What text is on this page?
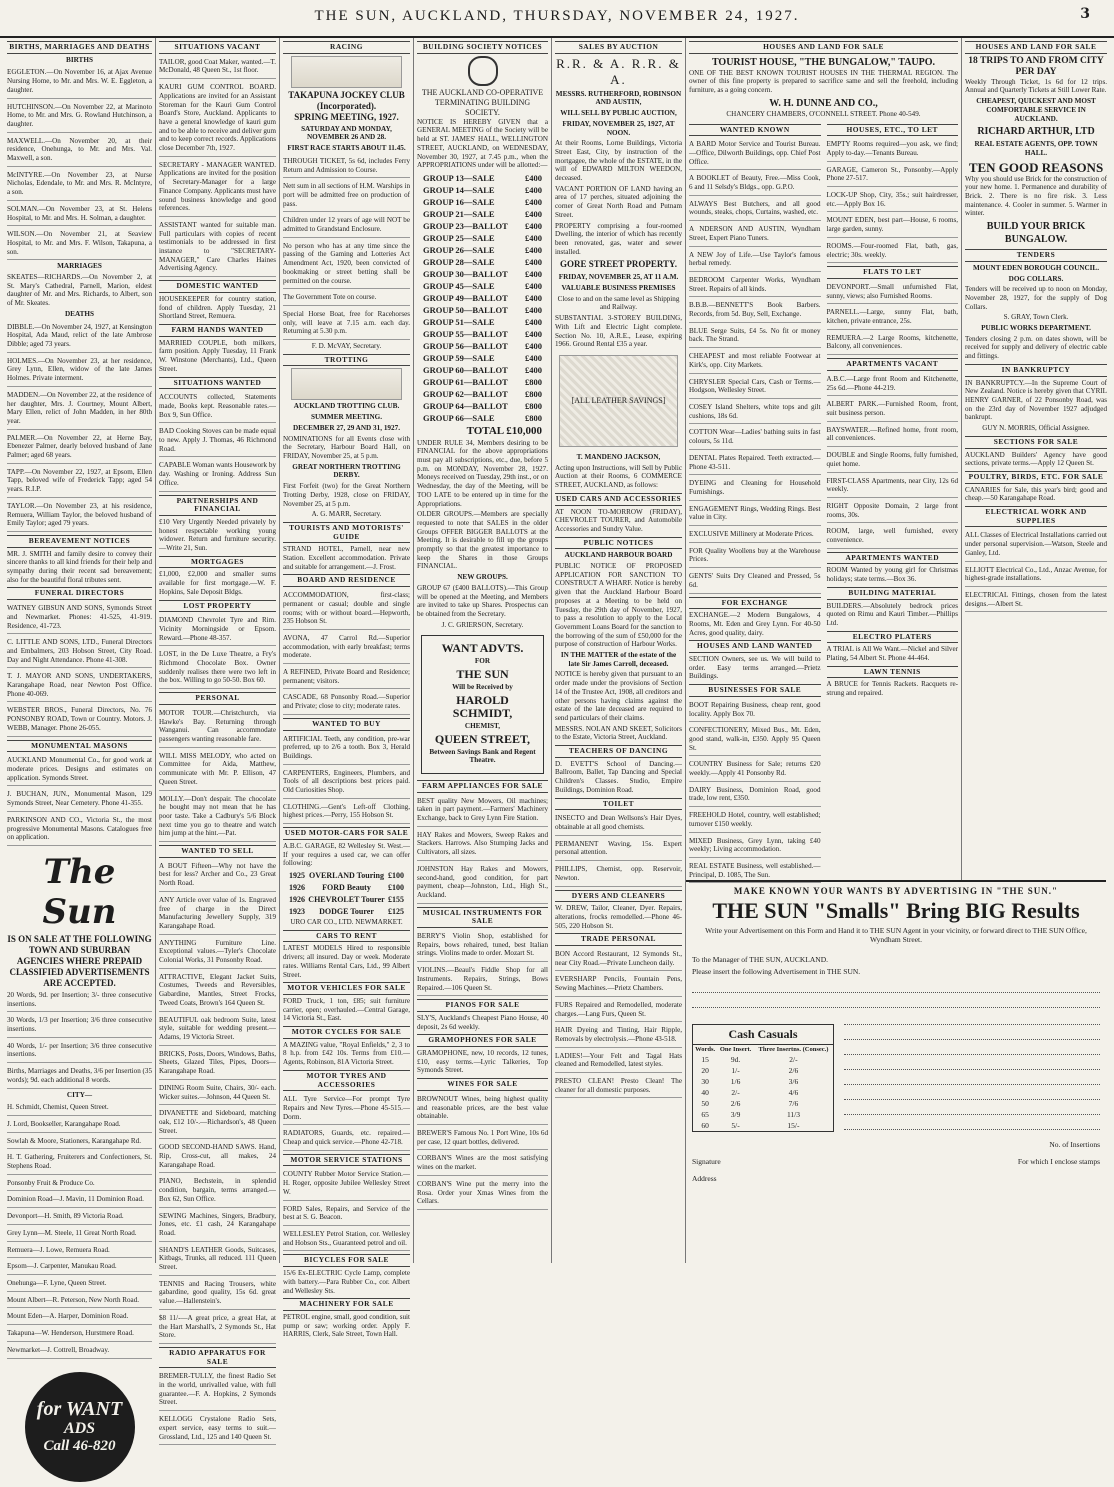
THE SUN, AUCKLAND, THURSDAY, NOVEMBER 24, 1927.	3
BIRTHS, MARRIAGES AND DEATHS
BIRTHS

EGGLETON.—On November 16, at Ajax Avenue Nursing Home, to Mr. and Mrs. W. E. Eggleton, a daughter.

HUTCHINSON.—On November 22, at Marinoto Home, to Mr. and Mrs. G. Rowland Hutchinson, a daughter.

MAXWELL.—On November 20, at their residence, Onehunga, to Mr. and Mrs. Val. Maxwell, a son.

McINTYRE.—On November 23, at Nurse Nicholas, Edendale, to Mr. and Mrs. R. McIntyre, a son.

SOLMAN.—On November 23, at St. Helens Hospital, to Mr. and Mrs. H. Solman, a daughter.

WILSON.—On November 21, at Seaview Hospital, to Mr. and Mrs. F. Wilson, Takapuna, a son.

MARRIAGES

SKEATES—RICHARDS.—On November 2, at St. Mary's Cathedral, Parnell, Marion, eldest daughter of Mr. and Mrs. Richards, to Albert, son of Mr. Skeates.

DEATHS

DIBBLE.—On November 24, 1927, at Kensington Hospital, Ada Maud, relict of the late Ambrose Dibble; aged 73 years.

HOLMES.—On November 23, at her residence, Grey Lynn, Ellen, widow of the late James Holmes. Private interment.

MADDEN.—On November 22, at the residence of her daughter, Mrs. J. Courtney, Mount Albert, Mary Ellen, relict of John Madden, in her 80th year.

PALMER.—On November 22, at Herne Bay, Ebenezer Palmer, dearly beloved husband of Jane Palmer; aged 68 years.

TAPP.—On November 22, 1927, at Epsom, Ellen Tapp, beloved wife of Frederick Tapp; aged 54 years. R.I.P.

TAYLOR.—On November 23, at his residence, Remuera, William Taylor, the beloved husband of Emily Taylor; aged 79 years.

BEREAVEMENT NOTICES

MR. J. SMITH and family desire to convey their sincere thanks to all kind friends for their help and sympathy during their recent sad bereavement; also for the beautiful floral tributes sent.

FUNERAL DIRECTORS

WATNEY GIBSUN AND SONS, Symonds Street and Newmarket. Phones: 41-525, 41-919. Residence, 41-723.

C. LITTLE AND SONS, LTD., Funeral Directors and Embalmers, 203 Hobson Street, City Road. Day and Night Attendance. Phone 41-308.

T. J. MAYOR AND SONS, UNDERTAKERS, Karangahape Road, near Newton Post Office. Phone 40-069.

WEBSTER BROS., Funeral Directors, No. 76 PONSONBY ROAD, Town or Country. Motors. J. WEBB, Manager. Phone 26-055.

MONUMENTAL MASONS

AUCKLAND Monumental Co., for good work at moderate prices. Designs and estimates on application. Symonds Street.

J. BUCHAN, JUN., Monumental Mason, 129 Symonds Street, Near Cemetery. Phone 41-355.

PARKINSON AND CO., Victoria St., the most progressive Monumental Masons. Catalogues free on application.

The Sun
IS ON SALE AT THE FOLLOWING TOWN AND SUBURBAN AGENCIES WHERE PREPAID CLASSIFIED ADVERTISEMENTS ARE ACCEPTED.

20 Words, 9d. per Insertion; 3/- three consecutive insertions.

30 Words, 1/3 per Insertion; 3/6 three consecutive insertions.

40 Words, 1/- per Insertion; 3/6 three consecutive insertions.

Births, Marriages and Deaths, 3/6 per Insertion (35 words); 9d. each additional 8 words.

CITY—

H. Schmidt, Chemist, Queen Street.

J. Lord, Bookseller, Karangahape Road.

Sowlah & Moore, Stationers, Karangahape Rd.

H. T. Gathering, Fruiterers and Confectioners, St. Stephens Road.

Ponsonby Fruit & Produce Co.

Dominion Road—J. Mavin, 11 Dominion Road.

Devonport—H. Smith, 89 Victoria Road.

Grey Lynn—M. Steele, 11 Great North Road.

Remuera—J. Lowe, Remuera Road.

Epsom—J. Carpenter, Manukau Road.

Onehunga—F. Lyne, Queen Street.

Mount Albert—R. Peterson, New North Road.

Mount Eden—A. Harper, Dominion Road.

Takapuna—W. Henderson, Hurstmere Road.

Newmarket—J. Cottrell, Broadway.

for WANT
ADS
Call 46-820
SITUATIONS VACANT

TAILOR, good Coat Maker, wanted.—T. McDonald, 48 Queen St., 1st floor.

KAURI GUM CONTROL BOARD. Applications are invited for an Assistant Storeman for the Kauri Gum Control Board's Store, Auckland. Applicants to have a general knowledge of kauri gum and to be able to receive and deliver gum and to keep correct records. Applications close December 7th, 1927.

SECRETARY - MANAGER WANTED. Applications are invited for the position of Secretary-Manager for a large Finance Company. Applicants must have sound business knowledge and good references.

ASSISTANT wanted for suitable man. Full particulars with copies of recent testimonials to be addressed in first instance to "SECRETARY-MANAGER," Care Charles Haines Advertising Agency.

DOMESTIC WANTED

HOUSEKEEPER for country station, fond of children. Apply Tuesday, 21 Shortland Street, Remuera.

FARM HANDS WANTED

MARRIED COUPLE, both milkers, farm position. Apply Tuesday, 11 Frank W. Winstone (Merchants), Ltd., Queen Street.

SITUATIONS WANTED

ACCOUNTS collected, Statements made, Books kept. Reasonable rates.—Box 9, Sun Office.

BAD Cooking Stoves can be made equal to new. Apply J. Thomas, 46 Richmond Road.

CAPABLE Woman wants Housework by day. Washing or Ironing. Address Sun Office.

PARTNERSHIPS AND FINANCIAL

£10 Very Urgently Needed privately by honest respectable working young widower. Return and furniture security.—Write 21, Sun.

MORTGAGES

£1,000, £2,000 and smaller sums available for first mortgage.—W. F. Hopkins, Sale Deposit Bldgs.

LOST PROPERTY

DIAMOND Chevrolet Tyre and Rim. Vicinity Morningside or Epsom. Reward.—Phone 48-357.

LOST, in the De Luxe Theatre, a Fry's Richmond Chocolate Box. Owner suddenly realises there were two left in the box. Willing to go 50-50. Box 60.

PERSONAL

MOTOR TOUR.—Christchurch, via Hawke's Bay. Returning through Wanganui. Can accommodate passengers wanting reasonable fare.

WILL MISS MELODY, who acted on Committee for Aida, Matthew, communicate with Mr. P. Ellison, 47 Queen Street.

MOLLY.—Don't despair. The chocolate he bought may not mean that he has poor taste. Take a Cadbury's 5/6 Block next time you go to theatre and watch him jump at the hint.—Pat.

WANTED TO SELL

A BOUT Fifteen—Why not have the best for less? Archer and Co., 23 Great North Road.

ANY Article over value of 1s. Engraved free of charge in the Direct Manufacturing Jewellery Supply, 319 Karangahape Road.

ANYTHING Furniture Line. Exceptional values.—Tyler's Chocolate Colonial Works, 31 Ponsonby Road.

ATTRACTIVE, Elegant Jacket Suits, Costumes, Tweeds and Reversibles, Gabardine, Mantles, Street Frocks, Tweed Coats, Brown's 164 Queen St.

BEAUTIFUL oak bedroom Suite, latest style, suitable for wedding present.—Adams, 19 Victoria Street.

BRICKS, Posts, Doors, Windows, Baths, Sheets, Glazed Tiles, Pipes, Doors—Karangahape Road.

DINING Room Suite, Chairs, 30/- each. Wicker suites.—Johnson, 44 Queen St.

DIVANETTE and Sideboard, matching oak, £12 10/-.—Richardson's, 48 Queen Street.

GOOD SECOND-HAND SAWS. Hand, Rip, Cross-cut, all makes, 24 Karangahape Road.

PIANO, Bechstein, in splendid condition, bargain, terms arranged.—Box 62, Sun Office.

SEWING Machines, Singers, Bradbury, Jones, etc. £1 cash, 24 Karangahape Road.

SHAND'S LEATHER Goods, Suitcases, Kitbags, Trunks, all reduced. 111 Queen Street.

TENNIS and Racing Trousers, white gabardine, good quality, 15s 6d. great value.—Hallenstein's.

$8 11/-—A great price, a great Hat, at the Hart Marshall's, 2 Symonds St., Hat Store.

RADIO APPARATUS FOR SALE

BREMER-TULLY, the finest Radio Set in the world, unrivalled value, with full guarantee.—F. A. Hopkins, 2 Symonds Street.

KELLOGG Crystalone Radio Sets, expert service, easy terms to suit.—Grossland, Ltd., 125 and 140 Queen St.

RACING
TAKAPUNA JOCKEY CLUB (Incorporated).
SPRING MEETING, 1927.
SATURDAY AND MONDAY, NOVEMBER 26 AND 28.
FIRST RACE STARTS ABOUT 11.45.

THROUGH TICKET, 5s 6d, includes Ferry Return and Admission to Course.

Nett sum in all sections of H.M. Warships in port will be admitted free on production of pass.

Children under 12 years of age will NOT be admitted to Grandstand Enclosure.

No person who has at any time since the passing of the Gaming and Lotteries Act Amendment Act, 1920, been convicted of bookmaking or street betting shall be permitted on the course.

The Government Tote on course.

Special Horse Boat, free for Racehorses only, will leave at 7.15 a.m. each day. Returning at 5.30 p.m.

F. D. McVAY, Secretary.

TROTTING
AUCKLAND TROTTING CLUB.
SUMMER MEETING.
DECEMBER 27, 29 AND 31, 1927.

NOMINATIONS for all Events close with the Secretary, Harbour Board Hall, on FRIDAY, November 25, at 5 p.m.

GREAT NORTHERN TROTTING DERBY.

First Forfeit (two) for the Great Northern Trotting Derby, 1928, close on FRIDAY, November 25, at 5 p.m.

A. G. MARR, Secretary.

TOURISTS AND MOTORISTS' GUIDE

STRAND HOTEL, Parnell, near new Station. Excellent accommodation. Private and suitable for arrangement.—J. Frost.

BOARD AND RESIDENCE

ACCOMMODATION, first-class; permanent or casual; double and single rooms; with or without board.—Hepworth, 235 Hobson St.

AVONA, 47 Carrol Rd.—Superior accommodation, with early breakfast; terms moderate.

A REFINED, Private Board and Residence; permanent; visitors.

CASCADE, 68 Ponsonby Road.—Superior and Private; close to city; moderate rates.

WANTED TO BUY

ARTIFICIAL Teeth, any condition, pre-war preferred, up to 2/6 a tooth. Box 3, Herald Buildings.

CARPENTERS, Engineers, Plumbers, and Tools of all descriptions best prices paid. Old Curiosities Shop.

CLOTHING.—Gent's Left-off Clothing, highest prices.—Perry, 155 Hobson St.

USED MOTOR-CARS FOR SALE

A.B.C. GARAGE, 82 Wellesley St. West.—If your requires a used car, we can offer following:

1925 OVERLAND Touring £100
1926 FORD Beauty £100
1926 CHEVROLET Tourer £155
1923 DODGE Tourer £125

URO CAR CO., LTD. NEWMARKET.

CARS TO RENT

LATEST MODELS Hired to responsible drivers; all insured. Day or week. Moderate rates. Williams Rental Cars, Ltd., 99 Albert Street.

MOTOR VEHICLES FOR SALE

FORD Truck, 1 ton, £85; suit furniture carrier, open; overhauled.—Central Garage, 14 Victoria St., East.

MOTOR CYCLES FOR SALE

A MAZING value, "Royal Enfields," 2, 3 to 8 h.p. from £42 10s. Terms from £10.—Agents, Robinson, 81A Victoria Street.

MOTOR TYRES AND ACCESSORIES

ALL Tyre Service—For prompt Tyre Repairs and New Tyres.—Phone 45-515.—Dorm.

RADIATORS, Guards, etc. repaired.—Cheap and quick service.—Phone 42-718.

MOTOR SERVICE STATIONS

COUNTY Rubber Motor Service Station.—H. Roger, opposite Jubilee Wellesley Street W.

FORD Sales, Repairs, and Service of the best at S. G. Beacon.

WELLESLEY Petrol Station, cor. Wellesley and Hobson Sts., Guaranteed petrol and oil.

BICYCLES FOR SALE

15/6 Ex-ELECTRIC Cycle Lamp, complete with battery.—Para Rubber Co., cor. Albert and Wellesley Sts.

MACHINERY FOR SALE

PETROL engine, small, good condition, suit pump or saw; working order. Apply F. HARRIS, Clerk, Sale Street, Town Hall.

BUILDING SOCIETY NOTICES
THE AUCKLAND CO-OPERATIVE TERMINATING BUILDING SOCIETY.

NOTICE IS HEREBY GIVEN that a GENERAL MEETING of the Society will be held at ST. JAMES' HALL, WELLINGTON STREET, AUCKLAND, on WEDNESDAY, November 30, 1927, at 7.45 p.m., when the APPROPRIATIONS under will be allotted:—

GROUP 13—SALE	£400
GROUP 14—SALE	£400
GROUP 16—SALE	£400
GROUP 21—SALE	£400
GROUP 23—BALLOT £400
GROUP 25—SALE	£400
GROUP 26—SALE	£400
GROUP 28—SALE	£400
GROUP 30—BALLOT £400
GROUP 45—SALE	£400
GROUP 49—BALLOT £400
GROUP 50—BALLOT £400
GROUP 51—SALE	£400
GROUP 55—BALLOT £400
GROUP 56—BALLOT £400
GROUP 59—SALE	£400
GROUP 60—BALLOT £400
GROUP 61—BALLOT £800
GROUP 62—BALLOT £800
GROUP 64—BALLOT £800
GROUP 66—SALE	£800
TOTAL £10,000

UNDER RULE 34, Members desiring to be FINANCIAL for the above appropriations must pay all subscriptions, etc., due, before 5 p.m. on MONDAY, November 28, 1927. Moneys received on Tuesday, 29th inst., or on Wednesday, the day of the Meeting, will be TOO LATE to be entered up in time for the Appropriations.

OLDER GROUPS.—Members are specially requested to note that SALES in the older Groups OFFER BIGGER BALLOTS at the Meeting. It is desirable to fill up the groups promptly so that the greatest importance to keep the Shares in those Groups FINANCIAL.

NEW GROUPS.

GROUP 67 (£400 BALLOTS).—This Group will be opened at the Meeting, and Members are invited to take up Shares. Prospectus can be obtained from the Secretary.

J. C. GRIERSON, Secretary.

WANT ADVTS.
FOR
THE SUN
Will be Received by
HAROLD SCHMIDT,
CHEMIST,
QUEEN STREET,
Between Savings Bank and Regent Theatre.
FARM APPLIANCES FOR SALE

BEST quality New Mowers, Oil machines; taken in part payment.—Farmers' Machinery Exchange, back to Grey Lynn Fire Station.

HAY Rakes and Mowers, Sweep Rakes and Stackers. Harrows. Also Stumping Jacks and Cultivators, all sizes.

JOHNSTON Hay Rakes and Mowers, second-hand, good condition, for part payment, cheap—Johnston, Ltd., High St., Auckland.

MUSICAL INSTRUMENTS FOR SALE

BERRY'S Violin Shop, established for Repairs, bows rehaired, tuned, best Italian strings. Violins made to order. Mozart St.

VIOLINS.—Beaul's Fiddle Shop for all Instruments. Repairs, Strings, Bows Repaired.—106 Queen St.

PIANOS FOR SALE

SLY'S, Auckland's Cheapest Piano House, 40 deposit, 2s 6d weekly.

GRAMOPHONES FOR SALE

GRAMOPHONE, new, 10 records, 12 tunes, £10, easy terms.—Lyric Talkeries, Top Symonds Street.

WINES FOR SALE

BROWNOUT Wines, being highest quality and reasonable prices, are the best value obtainable.

BREWER'S Famous No. 1 Port Wine, 10s 6d per case, 12 quart bottles, delivered.

CORBAN'S Wines are the most satisfying wines on the market.

CORBAN'S Wine put the merry into the Rosa. Order your Xmas Wines from the Cellars.

SALES BY AUCTION
R.R. & A. R.R. & A.
MESSRS. RUTHERFORD, ROBINSON AND AUSTIN,
WILL SELL BY PUBLIC AUCTION,
FRIDAY, NOVEMBER 25, 1927, AT NOON.

At their Rooms, Lorne Buildings, Victoria Street East, City, by instruction of the mortgagee, the whole of the ESTATE, in the will of EDWARD MILTON WEEDON, deceased.

VACANT PORTION OF LAND having an area of 17 perches, situated adjoining the corner of Great North Road and Putnam Street.

PROPERTY comprising a four-roomed Dwelling, the interior of which has recently been renovated, gas, water and sewer installed.

GORE STREET PROPERTY.
FRIDAY, NOVEMBER 25, AT 11 A.M.
VALUABLE BUSINESS PREMISES

Close to and on the same level as Shipping and Railway.

SUBSTANTIAL 3-STOREY BUILDING, With Lift and Electric Light complete. Section No. 10, A.R.E., Lease, expiring 1966. Ground Rental £35 a year.

[ALL LEATHER SAVINGS]
T. MANDENO JACKSON,

Acting upon Instructions, will Sell by Public Auction at their Rooms, 6 COMMERCE STREET, AUCKLAND, as follows:

USED CARS AND ACCESSORIES

AT NOON TO-MORROW (FRIDAY), CHEVROLET TOURER, and Automobile Accessories and Sundry Value.

PUBLIC NOTICES
AUCKLAND HARBOUR BOARD

PUBLIC NOTICE OF PROPOSED APPLICATION FOR SANCTION TO CONSTRUCT A WHARF. Notice is hereby given that the Auckland Harbour Board proposes at a Meeting to be held on Tuesday, the 29th day of November, 1927, to pass a resolution to apply to the Local Government Loans Board for the sanction to the borrowing of the sum of £50,000 for the purpose of construction of Harbour Works.

IN THE MATTER of the estate of the late Sir James Carroll, deceased.

NOTICE is hereby given that pursuant to an order made under the provisions of Section 14 of the Trustee Act, 1908, all creditors and other persons having claims against the estate of the late deceased are required to send particulars of their claims.

MESSRS. NOLAN AND SKEET, Solicitors to the Estate, Victoria Street, Auckland.

TEACHERS OF DANCING

D. EVETT'S School of Dancing.—Ballroom, Ballet, Tap Dancing and Special Children's Classes. Studio, Empire Buildings, Dominion Road.

TOILET

INSECTO and Dean Wellsons's Hair Dyes, obtainable at all good chemists.

PERMANENT Waving, 15s. Expert personal attention.

PHILLIPS, Chemist, opp. Reservoir, Newton.

DYERS AND CLEANERS

W. DREW, Tailor, Cleaner, Dyer. Repairs, alterations, frocks remodelled.—Phone 46-505, 220 Hobson St.

TRADE PERSONAL

BON Accord Restaurant, 12 Symonds St., near City Road.—Private Luncheon daily.

EVERSHARP Pencils, Fountain Pens, Sewing Machines.—Prietz Chambers.

FURS Repaired and Remodelled, moderate charges.—Lang Furs, Queen St.

HAIR Dyeing and Tinting, Hair Ripple, Removals by electrolysis.—Phone 43-518.

LADIES!—Your Felt and Tagal Hats cleaned and Remodelled, latest styles.

PRESTO CLEAN! Presto Clean! The cleaner for all domestic purposes.

HOUSES AND LAND FOR SALE
TOURIST HOUSE, "THE BUNGALOW," TAUPO.

ONE OF THE BEST KNOWN TOURIST HOUSES IN THE THERMAL REGION. The owner of this fine property is prepared to sacrifice same and sell the freehold, including furniture, as a going concern.

W. H. DUNNE AND CO.,

CHANCERY CHAMBERS, O'CONNELL STREET. Phone 40-549.

WANTED KNOWN

A BARD Motor Service and Tourist Bureau.—Office, Dilworth Buildings, opp. Chief Post Office.

A BOOKLET of Beauty, Free.—Miss Cook, 6 and 11 Selsdy's Bldgs., opp. G.P.O.

ALWAYS Best Butchers, and all good wounds, steaks, chops, Curtains, washed, etc.

A NDERSON AND AUSTIN, Wyndham Street, Expert Piano Tuners.

A NEW Joy of Life.—Use Taylor's famous herbal remedy.

BEDROOM Carpenter Works, Wyndham Street. Repairs of all kinds.

B.B.B.—BENNETT'S Book Barbers. Records, from 5d. Buy, Sell, Exchange.

BLUE Serge Suits, £4 5s. No fit or money back. The Strand.

CHEAPEST and most reliable Footwear at Kirk's, opp. City Markets.

CHRYSLER Special Cars, Cash or Terms.—Hodgson, Wellesley Street.

COSEY Island Shelters, white tops and gilt cushions, 18s 6d.

COTTON Wear—Ladies' bathing suits in fast colours, 5s 11d.

DENTAL Plates Repaired. Teeth extracted.—Phone 43-511.

DYEING and Cleaning for Household Furnishings.

ENGAGEMENT Rings, Wedding Rings. Best value in City.

EXCLUSIVE Millinery at Moderate Prices.

FOR Quality Woollens buy at the Warehouse Prices.

GENTS' Suits Dry Cleaned and Pressed, 5s 6d.

FOR EXCHANGE

EXCHANGE.—2 Modern Bungalows, 4 Rooms, Mt. Eden and Grey Lynn. For 40-50 Acres, good quality, dairy.

HOUSES AND LAND WANTED

SECTION Owners, see us. We will build to order. Easy terms arranged.—Prietz Buildings.

BUSINESSES FOR SALE

BOOT Repairing Business, cheap rent, good locality. Apply Box 70.

CONFECTIONERY, Mixed Bus., Mt. Eden, good stand, walk-in, £350. Apply 95 Queen St.

COUNTRY Business for Sale; returns £20 weekly.—Apply 41 Ponsonby Rd.

DAIRY Business, Dominion Road, good trade, low rent, £350.

FREEHOLD Hotel, country, well established; turnover £150 weekly.

MIXED Business, Grey Lynn, taking £40 weekly; Living accommodation.

REAL ESTATE Business, well established.—Principal, D. 1085, The Sun.

HOUSES, ETC., TO LET

EMPTY Rooms required—you ask, we find; Apply to-day.—Tenants Bureau.

GARAGE, Cameron St., Ponsonby.—Apply Phone 27-517.

LOCK-UP Shop, City, 35s.; suit hairdresser, etc.—Apply Box 16.

MOUNT EDEN, best part—House, 6 rooms, large garden, sunny.

ROOMS.—Four-roomed Flat, bath, gas, electric; 30s. weekly.

FLATS TO LET

DEVONPORT.—Small unfurnished Flat, sunny, views; also Furnished Rooms.

PARNELL.—Large, sunny Flat, bath, kitchen, private entrance, 25s.

REMUERA.—2 Large Rooms, kitchenette, Balcony, all conveniences.

APARTMENTS VACANT

A.B.C.—Large front Room and Kitchenette, 25s 6d.—Phone 44-219.

ALBERT PARK.—Furnished Room, front, suit business person.

BAYSWATER.—Refined home, front room, all conveniences.

DOUBLE and Single Rooms, fully furnished, quiet home.

FIRST-CLASS Apartments, near City, 12s 6d weekly.

RIGHT Opposite Domain, 2 large front rooms, 30s.

ROOM, large, well furnished, every convenience.

APARTMENTS WANTED

ROOM Wanted by young girl for Christmas holidays; state terms.—Box 36.

BUILDING MATERIAL

BUILDERS.—Absolutely bedrock prices quoted on Rimu and Kauri Timber.—Phillips Ltd.

ELECTRO PLATERS

A TRIAL is All We Want.—Nickel and Silver Plating, 54 Albert St. Phone 44-464.

LAWN TENNIS

A BRUCE for Tennis Rackets. Racquets re-strung and repaired.

HOUSES AND LAND FOR SALE
18 TRIPS TO AND FROM CITY PER DAY

Weekly Through Ticket, 1s 6d for 12 trips. Annual and Quarterly Tickets at Still Lower Rate.

CHEAPEST, QUICKEST AND MOST COMFORTABLE SERVICE IN AUCKLAND.
RICHARD ARTHUR, LTD
REAL ESTATE AGENTS, OPP. TOWN HALL.
TEN GOOD REASONS

Why you should use Brick for the construction of your new home. 1. Permanence and durability of Brick. 2. There is no fire risk. 3. Less maintenance. 4. Cooler in summer. 5. Warmer in winter.

BUILD YOUR BRICK BUNGALOW.
TENDERS
MOUNT EDEN BOROUGH COUNCIL.
DOG COLLARS.

Tenders will be received up to noon on Monday, November 28, 1927, for the supply of Dog Collars.

S. GRAY, Town Clerk.

PUBLIC WORKS DEPARTMENT.

Tenders closing 2 p.m. on dates shown, will be received for supply and delivery of electric cable and fittings.

IN BANKRUPTCY

IN BANKRUPTCY.—In the Supreme Court of New Zealand. Notice is hereby given that CYRIL HENRY GARNER, of 22 Ponsonby Road, was on the 23rd day of November 1927 adjudged bankrupt.

GUY N. MORRIS, Official Assignee.

SECTIONS FOR SALE

AUCKLAND Builders' Agency have good sections, private terms.—Apply 12 Queen St.

POULTRY, BIRDS, ETC. FOR SALE

CANARIES for Sale, this year's bird; good and cheap.—50 Karangahape Road.

ELECTRICAL WORK AND SUPPLIES

ALL Classes of Electrical Installations carried out under personal supervision.—Watson, Steele and Ganley, Ltd.

ELLIOTT Electrical Co., Ltd., Anzac Avenue, for highest-grade installations.

ELECTRICAL Fittings, chosen from the latest designs.—Albert St.

MAKE KNOWN YOUR WANTS BY ADVERTISING IN "THE SUN."
THE SUN "Smalls" Bring BIG Results
Write your Advertisement on this Form and Hand it to THE SUN Agent in your vicinity, or forward direct to THE SUN Office, Wyndham Street.
To the Manager of THE SUN, AUCKLAND.
Please insert the following Advertisement in THE SUN.
Cash Casuals
Words.	One Insert.	Three Insertns. (Consec.)
15	9d.	2/-
20	1/-	2/6
30	1/6	3/6
40	2/-	4/6
50	2/6	7/6
65	3/9	11/3
60	5/-	15/-
No. of Insertions
Signature	For which I enclose stamps
Address
